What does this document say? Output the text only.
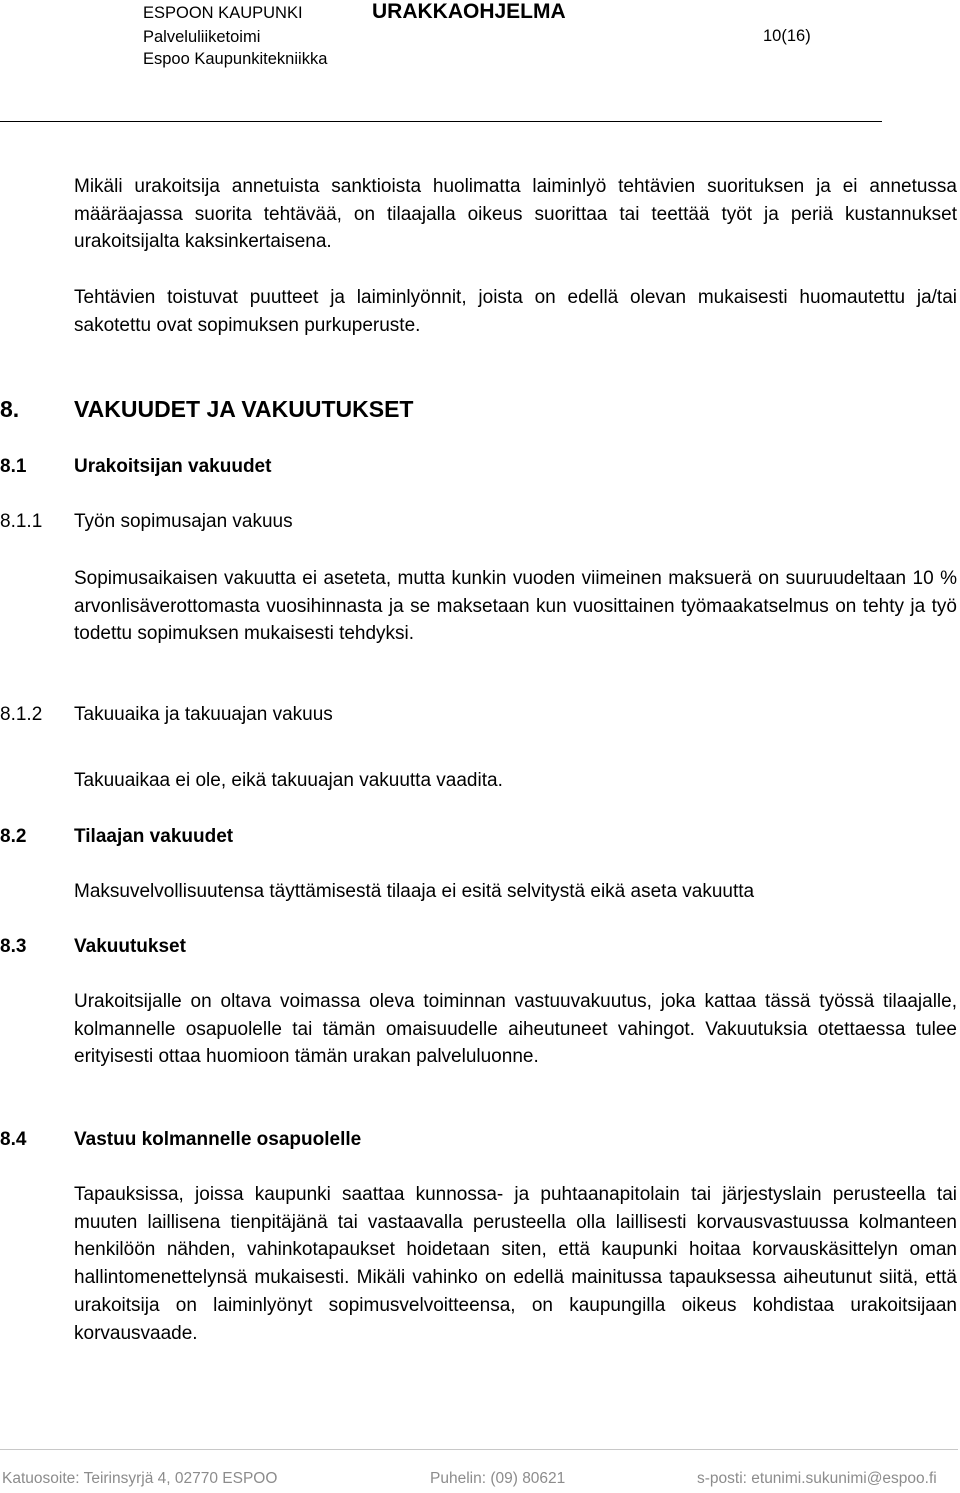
ESPOON KAUPUNKI
Palveluliiketoimi
Espoo Kaupunkitekniikka
URAKKAOHJELMA
10(16)

Mikäli urakoitsija annetuista sanktioista huolimatta laiminlyö tehtävien suorituksen ja ei annetussa määräajassa suorita tehtävää, on tilaajalla oikeus suorittaa tai teettää työt ja periä kustannukset urakoitsijalta kaksinkertaisena.

Tehtävien toistuvat puutteet ja laiminlyönnit, joista on edellä olevan mukaisesti huomautettu ja/tai sakotettu ovat sopimuksen purkuperuste.

8. VAKUUDET JA VAKUUTUKSET
8.1	Urakoitsijan vakuudet
8.1.1 Työn sopimusajan vakuus

Sopimusaikaisen vakuutta ei aseteta, mutta kunkin vuoden viimeinen maksuerä on suuruudeltaan 10 % arvonlisäverottomasta vuosihinnasta ja se maksetaan kun vuosittainen työmaakatselmus on tehty ja työ todettu sopimuksen mukaisesti tehdyksi.

8.1.2 Takuuaika ja takuuajan vakuus

Takuuaikaa ei ole, eikä takuuajan vakuutta vaadita.

8.2	Tilaajan vakuudet

Maksuvelvollisuutensa täyttämisestä tilaaja ei esitä selvitystä eikä aseta vakuutta

8.3	Vakuutukset

Urakoitsijalle on oltava voimassa oleva toiminnan vastuuvakuutus, joka kattaa tässä työssä tilaajalle, kolmannelle osapuolelle tai tämän omaisuudelle aiheutuneet vahingot. Vakuutuksia otettaessa tulee erityisesti ottaa huomioon tämän urakan palveluluonne.

8.4	Vastuu kolmannelle osapuolelle

Tapauksissa, joissa kaupunki saattaa kunnossa- ja puhtaanapitolain tai järjestyslain perusteella tai muuten laillisena tienpitäjänä tai vastaavalla perusteella olla laillisesti korvausvastuussa kolmanteen henkilöön nähden, vahinkotapaukset hoidetaan siten, että kaupunki hoitaa korvauskäsittelyn oman hallintomenettelynsä mukaisesti. Mikäli vahinko on edellä mainitussa tapauksessa aiheutunut siitä, että urakoitsija on laiminlyönyt sopimusvelvoitteensa, on kaupungilla oikeus kohdistaa urakoitsijaan korvausvaade.

Katuosoite: Teirinsyrjä 4, 02770 ESPOO	Puhelin: (09) 80621	s-posti: etunimi.sukunimi@espoo.fi
